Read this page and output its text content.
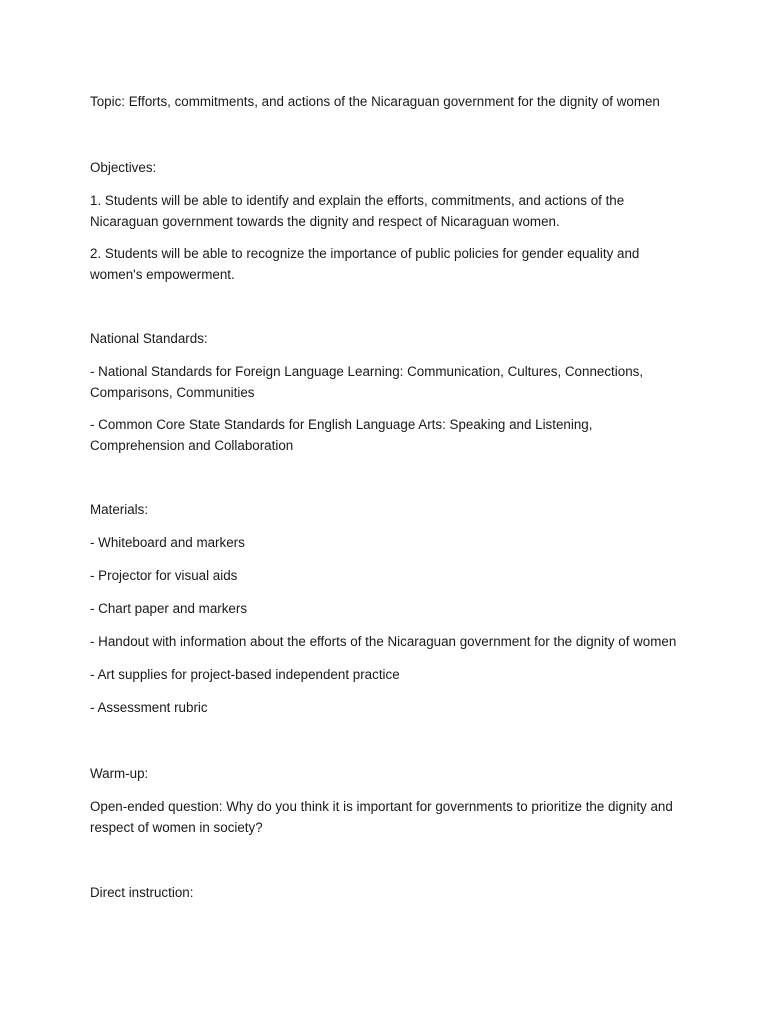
Topic: Efforts, commitments, and actions of the Nicaraguan government for the dignity of women

Objectives:

1. Students will be able to identify and explain the efforts, commitments, and actions of the Nicaraguan government towards the dignity and respect of Nicaraguan women.

2. Students will be able to recognize the importance of public policies for gender equality and women's empowerment.

National Standards:

- National Standards for Foreign Language Learning: Communication, Cultures, Connections, Comparisons, Communities

- Common Core State Standards for English Language Arts: Speaking and Listening, Comprehension and Collaboration

Materials:

- Whiteboard and markers

- Projector for visual aids

- Chart paper and markers

- Handout with information about the efforts of the Nicaraguan government for the dignity of women

- Art supplies for project-based independent practice

- Assessment rubric

Warm-up:

Open-ended question: Why do you think it is important for governments to prioritize the dignity and respect of women in society?

Direct instruction:
